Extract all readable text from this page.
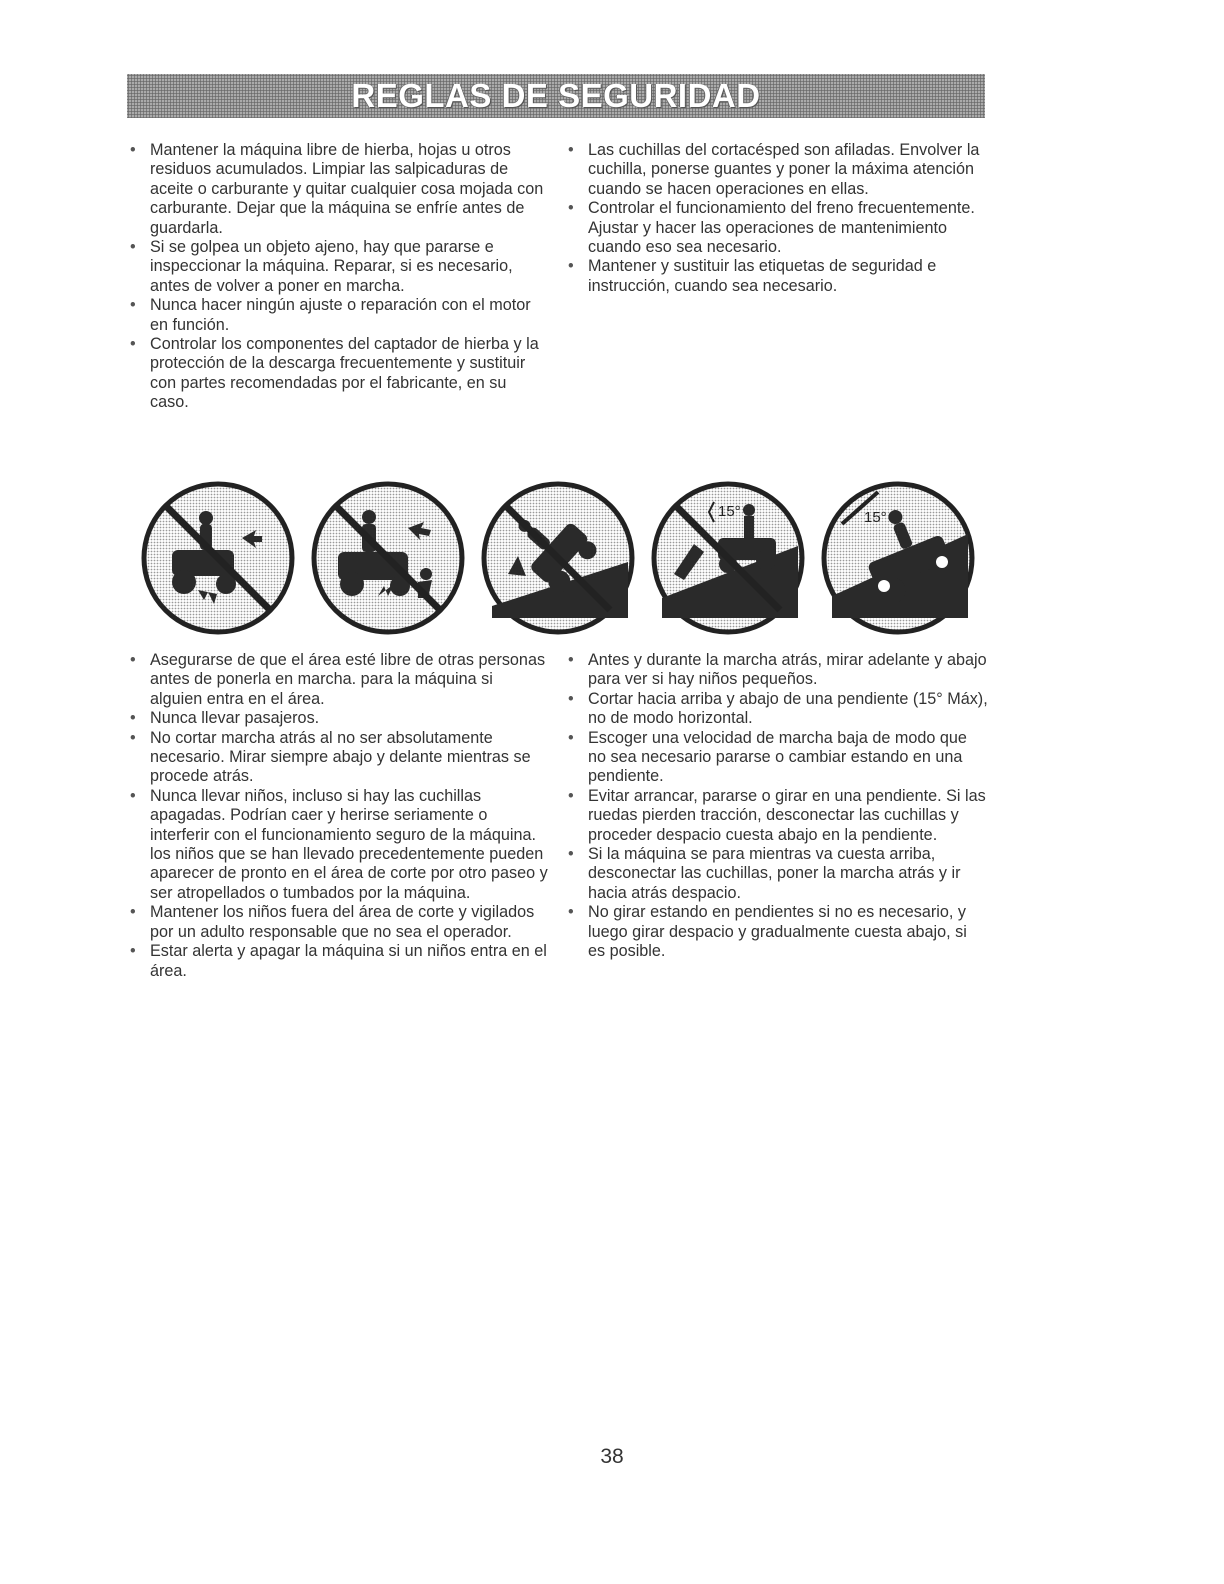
REGLAS DE SEGURIDAD
• Mantener la máquina libre de hierba, hojas u otros residuos acumulados. Limpiar las salpicaduras de aceite o carburante y quitar cualquier cosa mojada con carburante. Dejar que la máquina se enfríe antes de guardarla.
• Si se golpea un objeto ajeno, hay que pararse e inspeccionar la máquina. Reparar, si es necesario, antes de volver a poner en marcha.
• Nunca hacer ningún ajuste o reparación con el motor en función.
• Controlar los componentes del captador de hierba y la protección de la descarga frecuentemente y sustituir con partes recomendadas por el fabricante, en su caso.
• Las cuchillas del cortacésped son afiladas. Envolver la cuchilla, ponerse guantes y poner la máxima atención cuando se hacen operaciones en ellas.
• Controlar el funcionamiento del freno frecuentemente. Ajustar y hacer las operaciones de mantenimiento cuando eso sea necesario.
• Mantener y sustituir las etiquetas de seguridad e instrucción, cuando sea necesario.
15°	15°
• Asegurarse de que el área esté libre de otras personas antes de ponerla en marcha. para la máquina si alguien entra en el área.
• Nunca llevar pasajeros.
• No cortar marcha atrás al no ser absolutamente necesario. Mirar siempre abajo y delante mientras se procede atrás.
• Nunca llevar niños, incluso si hay las cuchillas apagadas. Podrían caer y herirse seriamente o interferir con el funcionamiento seguro de la máquina. los niños que se han llevado precedentemente pueden aparecer de pronto en el área de corte por otro paseo y ser atropellados o tumbados por la máquina.
• Mantener los niños fuera del área de corte y vigilados por un adulto responsable que no sea el operador.
• Estar alerta y apagar la máquina si un niños entra en el área.
• Antes y durante la marcha atrás, mirar adelante y abajo para ver si hay niños pequeños.
• Cortar hacia arriba y abajo de una pendiente (15° Máx), no de modo horizontal.
• Escoger una velocidad de marcha baja de modo que no sea necesario pararse o cambiar estando en una pendiente.
• Evitar arrancar, pararse o girar en una pendiente. Si las ruedas pierden tracción, desconectar las cuchillas y proceder despacio cuesta abajo en la pendiente.
• Si la máquina se para mientras va cuesta arriba, desconectar las cuchillas, poner la marcha atrás y ir hacia atrás despacio.
• No girar estando en pendientes si no es necesario, y luego girar despacio y gradualmente cuesta abajo, si es posible.
38
